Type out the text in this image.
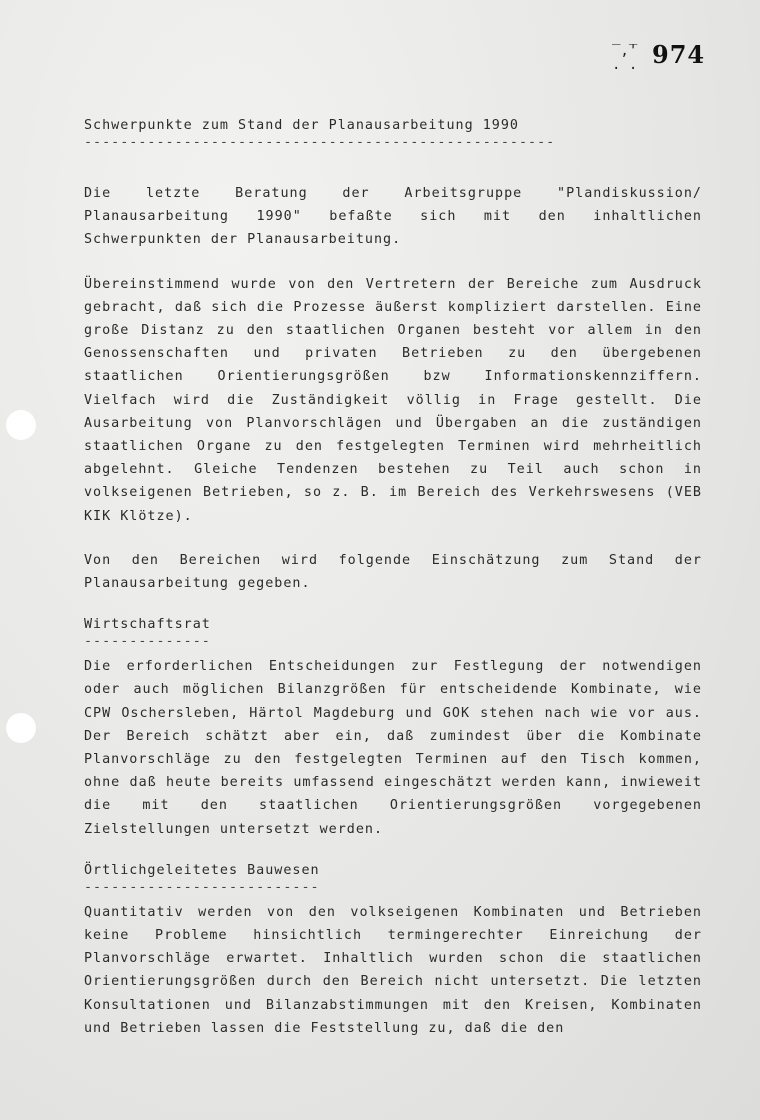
_ _
,'
. . 974
Schwerpunkte zum Stand der Planausarbeitung 1990
----------------------------------------------------

Die letzte Beratung der Arbeitsgruppe "Plandiskussion/ Planausarbeitung 1990" befaßte sich mit den inhaltlichen Schwerpunkten der Planausarbeitung.

Übereinstimmend wurde von den Vertretern der Bereiche zum Ausdruck gebracht, daß sich die Prozesse äußerst kompliziert darstellen. Eine große Distanz zu den staatlichen Organen besteht vor allem in den Genossenschaften und privaten Betrieben zu den übergebenen staatlichen Orientierungsgrößen bzw Informationskennziffern. Vielfach wird die Zuständigkeit völlig in Frage gestellt. Die Ausarbeitung von Planvorschlägen und Übergaben an die zuständigen staatlichen Organe zu den festgelegten Terminen wird mehrheitlich abgelehnt. Gleiche Tendenzen bestehen zu Teil auch schon in volkseigenen Betrieben, so z. B. im Bereich des Verkehrswesens (VEB KIK Klötze).

Von den Bereichen wird folgende Einschätzung zum Stand der Planausarbeitung gegeben.

Wirtschaftsrat
--------------

Die erforderlichen Entscheidungen zur Festlegung der notwendigen oder auch möglichen Bilanzgrößen für entscheidende Kombinate, wie CPW Oschersleben, Härtol Magdeburg und GOK stehen nach wie vor aus. Der Bereich schätzt aber ein, daß zumindest über die Kombinate Planvorschläge zu den festgelegten Terminen auf den Tisch kommen, ohne daß heute bereits umfassend eingeschätzt werden kann, inwieweit die mit den staatlichen Orientierungsgrößen vorgegebenen Zielstellungen untersetzt werden.

Örtlichgeleitetes Bauwesen
--------------------------

Quantitativ werden von den volkseigenen Kombinaten und Betrieben keine Probleme hinsichtlich termingerechter Einreichung der Planvorschläge erwartet. Inhaltlich wurden schon die staatlichen Orientierungsgrößen durch den Bereich nicht untersetzt. Die letzten Konsultationen und Bilanzabstimmungen mit den Kreisen, Kombinaten und Betrieben lassen die Feststellung zu, daß die den
